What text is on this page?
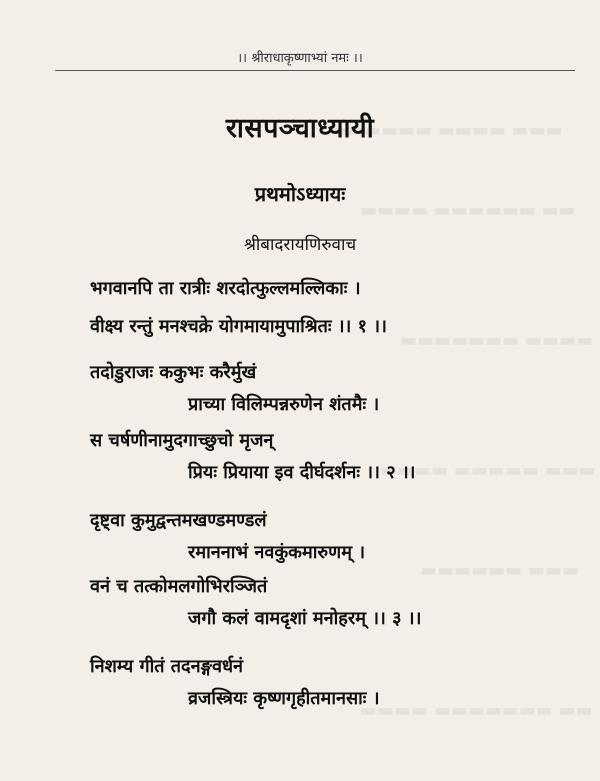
▬▬▬▬▬▬ ▬▬▬▬ ▬▬▬
▬▬▬▬ ▬▬▬▬▬▬ ▬▬
▬▬▬▬▬▬▬ ▬▬▬▬
▬▬▬▬ ▬▬▬▬▬ ▬▬▬
▬▬▬▬▬▬ ▬▬▬
▬▬▬▬ ▬▬▬▬▬▬▬ ▬▬
।। श्रीराधाकृष्णाभ्यां नमः ।।
रासपञ्चाध्यायी
प्रथमोऽध्यायः
श्रीबादरायणिरुवाच
भगवानपि ता रात्रीः शरदोत्फुल्लमल्लिकाः ।
वीक्ष्य रन्तुं मनश्चक्रे योगमायामुपाश्रितः ।। १ ।।
तदोडुराजः ककुभः करैर्मुखं
प्राच्या विलिम्पन्नरुणेन शंतमैः ।
स चर्षणीनामुदगाच्छुचो मृजन्
प्रियः प्रियाया इव दीर्घदर्शनः ।। २ ।।
दृष्ट्वा कुमुद्वन्तमखण्डमण्डलं
रमाननाभं नवकुंकमारुणम् ।
वनं च तत्कोमलगोभिरञ्जितं
जगौ कलं वामदृशां मनोहरम् ।। ३ ।।
निशम्य गीतं तदनङ्गवर्धनं
व्रजस्त्रियः कृष्णगृहीतमानसाः ।
